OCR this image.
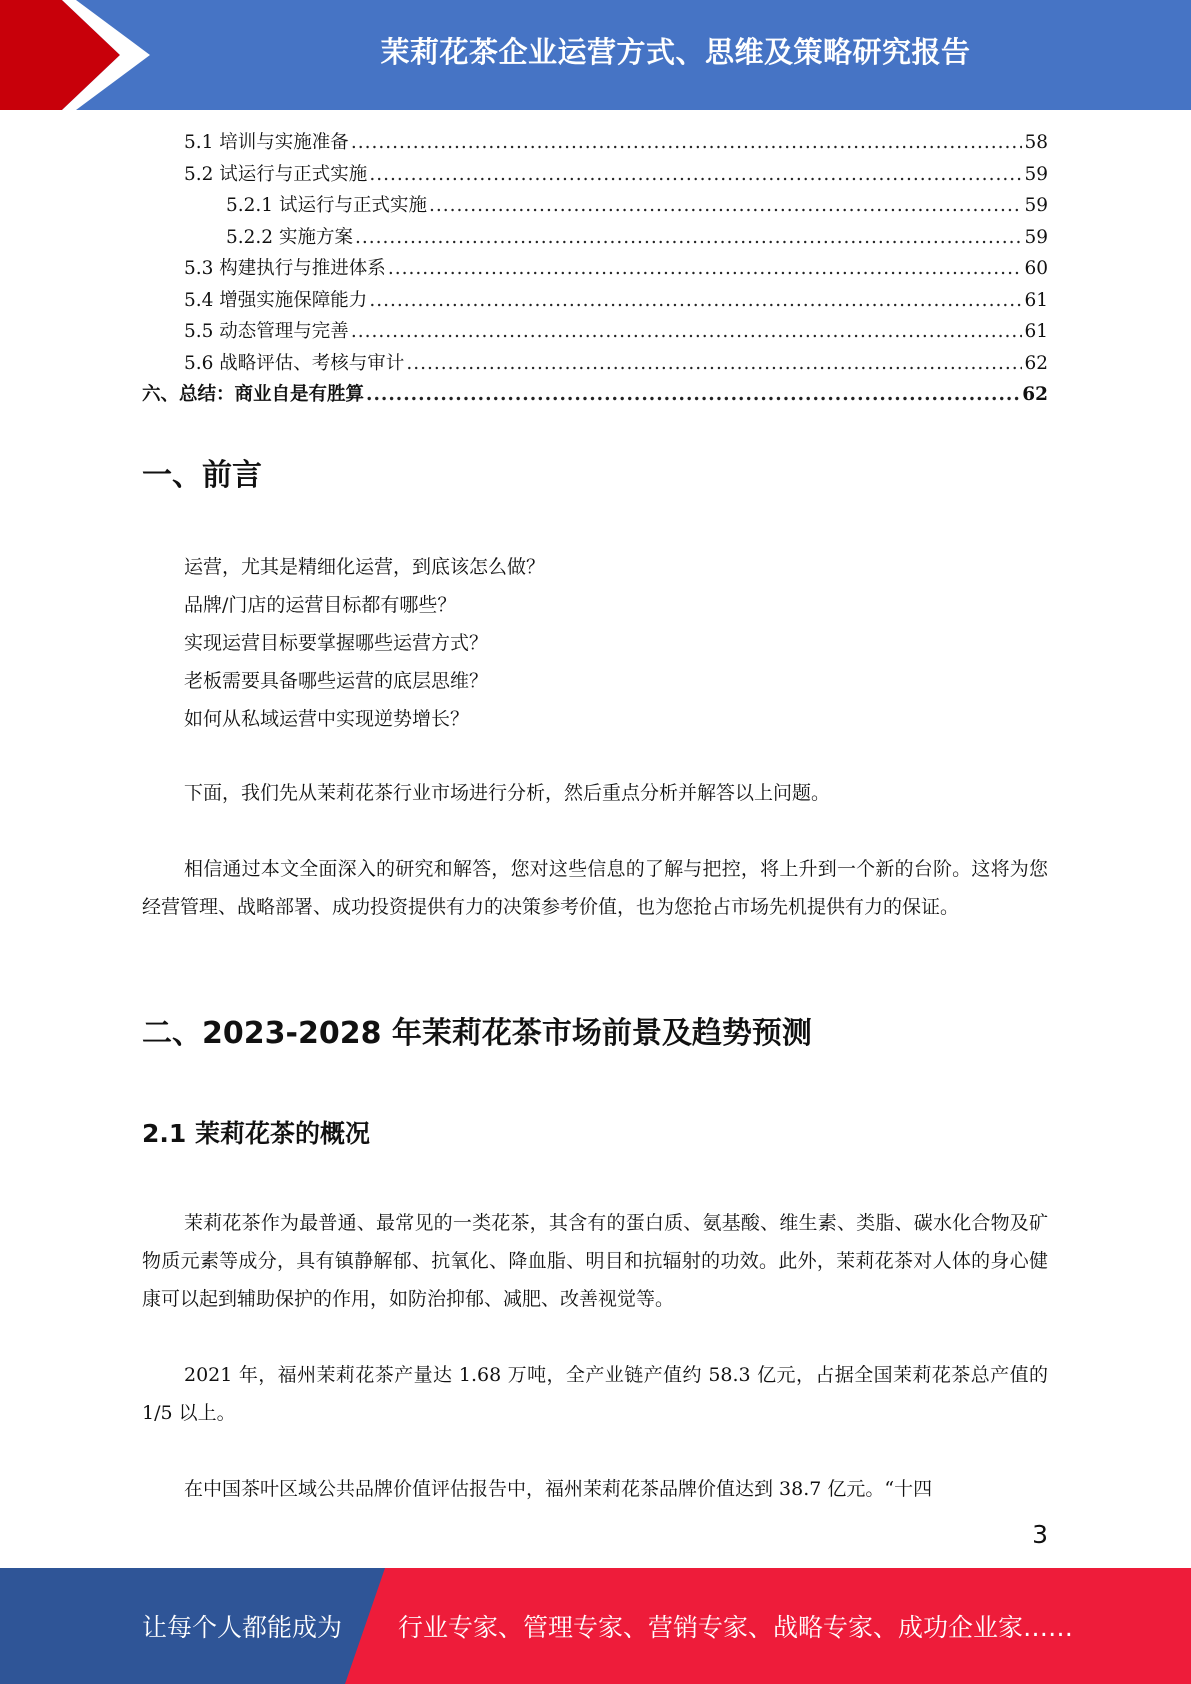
茉莉花茶企业运营方式、思维及策略研究报告
5.1 培训与实施准备 .....	58
5.2 试运行与正式实施 .....	59
5.2.1 试运行与正式实施 .....	59
5.2.2 实施方案 .....	59
5.3 构建执行与推进体系 .....	60
5.4 增强实施保障能力 .....	61
5.5 动态管理与完善 .....	61
5.6 战略评估、考核与审计 .....	62
六、总结：商业自是有胜算 .....	62
一、前言
运营，尤其是精细化运营，到底该怎么做？
品牌/门店的运营目标都有哪些？
实现运营目标要掌握哪些运营方式？
老板需要具备哪些运营的底层思维？
如何从私域运营中实现逆势增长？
下面，我们先从茉莉花茶行业市场进行分析，然后重点分析并解答以上问题。
相信通过本文全面深入的研究和解答，您对这些信息的了解与把控，将上升到一个新的台阶。这将为您经营管理、战略部署、成功投资提供有力的决策参考价值，也为您抢占市场先机提供有力的保证。
二、2023-2028 年茉莉花茶市场前景及趋势预测
2.1 茉莉花茶的概况
茉莉花茶作为最普通、最常见的一类花茶，其含有的蛋白质、氨基酸、维生素、类脂、碳水化合物及矿物质元素等成分，具有镇静解郁、抗氧化、降血脂、明目和抗辐射的功效。此外，茉莉花茶对人体的身心健康可以起到辅助保护的作用，如防治抑郁、减肥、改善视觉等。
2021 年，福州茉莉花茶产量达 1.68 万吨，全产业链产值约 58.3 亿元，占据全国茉莉花茶总产值的 1/5 以上。
在中国茶叶区域公共品牌价值评估报告中，福州茉莉花茶品牌价值达到 38.7 亿元。“十四
3
让每个人都能成为 行业专家、管理专家、营销专家、战略专家、成功企业家……
